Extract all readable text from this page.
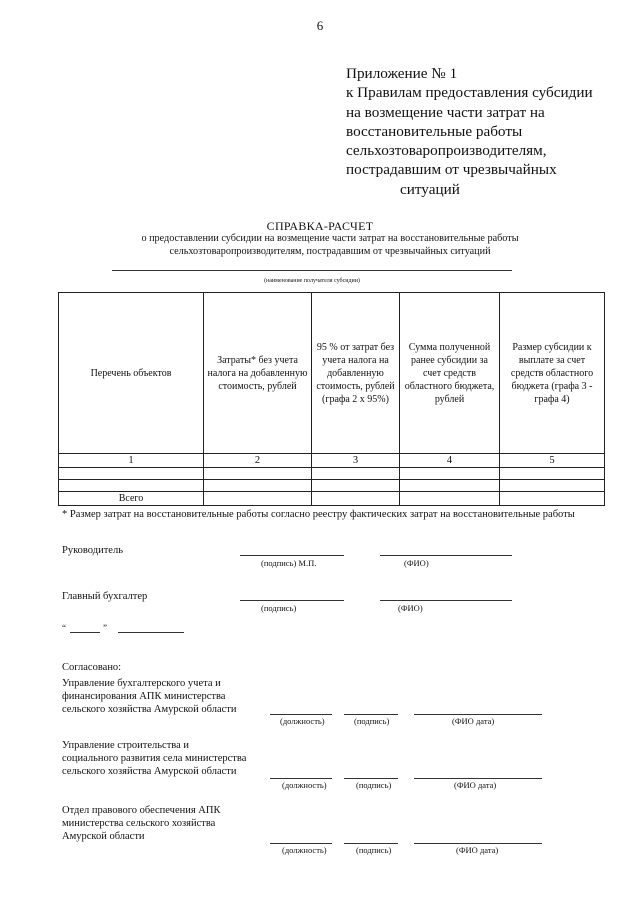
6
Приложение № 1
к Правилам предоставления субсидии
на возмещение части затрат на
восстановительные работы
сельхозтоваропроизводителям,
пострадавшим от чрезвычайных
ситуаций
СПРАВКА-РАСЧЕТ
о предоставлении субсидии на возмещение части затрат на восстановительные работы
сельхозтоваропроизводителям, пострадавшим от чрезвычайных ситуаций
(наименование получателя субсидии)
Перечень объектов	Затраты* без учета налога на добавленную стоимость, рублей	95 % от затрат без учета налога на добавленную стоимость, рублей (графа 2 х 95%)	Сумма полученной ранее субсидии за счет средств областного бюджета, рублей	Размер субсидии к выплате за счет средств областного бюджета (графа 3 - графа 4)
1	2	3	4	5

Всего				
* Размер затрат на восстановительные работы согласно реестру фактических затрат на восстановительные работы
Руководитель
(подпись) М.П.	(ФИО)
Главный бухгалтер
(подпись)	(ФИО)
“	”
Согласовано:
Управление бухгалтерского учета и
финансирования АПК министерства
сельского хозяйства Амурской области
(должность)	(подпись)	(ФИО дата)
Управление строительства и
социального развития села министерства
сельского хозяйства Амурской области
(должность)	(подпись)	(ФИО дата)
Отдел правового обеспечения АПК
министерства сельского хозяйства
Амурской области
(должность)	(подпись)	(ФИО дата)
